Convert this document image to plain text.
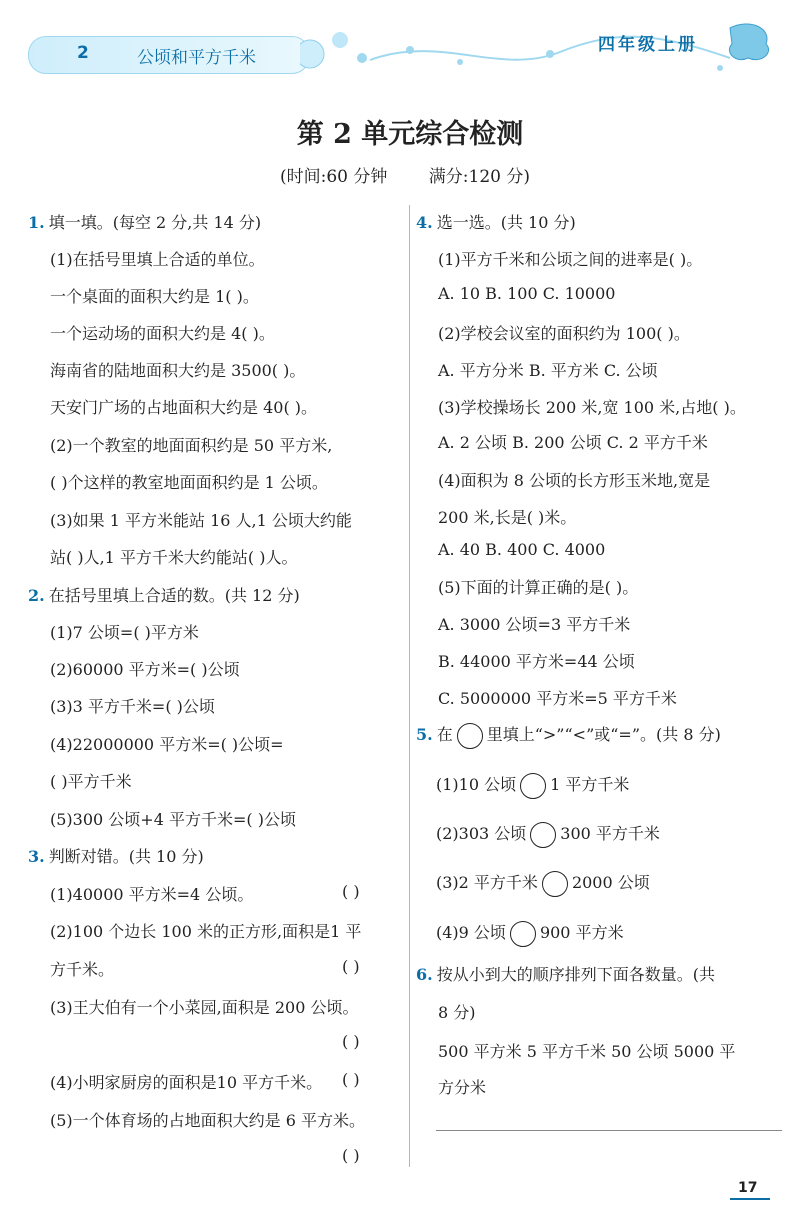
2	公顷和平方千米
四年级上册
第 2 单元综合检测
(时间:60 分钟 满分:120 分)
1. 填一填。(每空 2 分,共 14 分)
(1)在括号里填上合适的单位。
一个桌面的面积大约是 1( )。
一个运动场的面积大约是 4( )。
海南省的陆地面积大约是 3500( )。
天安门广场的占地面积大约是 40( )。
(2)一个教室的地面面积约是 50 平方米,
( )个这样的教室地面面积约是 1 公顷。
(3)如果 1 平方米能站 16 人,1 公顷大约能
站( )人,1 平方千米大约能站( )人。
2. 在括号里填上合适的数。(共 12 分)
(1)7 公顷=( )平方米
(2)60000 平方米=( )公顷
(3)3 平方千米=( )公顷
(4)22000000 平方米=( )公顷=
( )平方千米
(5)300 公顷+4 平方千米=( )公顷
3. 判断对错。(共 10 分)
(1)40000 平方米=4 公顷。
(2)100 个边长 100 米的正方形,面积是1 平
方千米。
(3)王大伯有一个小菜园,面积是 200 公顷。
(4)小明家厨房的面积是10 平方千米。
(5)一个体育场的占地面积大约是 6 平方米。
( )
( )
( )
( )
( )
4. 选一选。(共 10 分)
(1)平方千米和公顷之间的进率是( )。
A. 10 B. 100 C. 10000
(2)学校会议室的面积约为 100( )。
A. 平方分米 B. 平方米 C. 公顷
(3)学校操场长 200 米,宽 100 米,占地( )。
A. 2 公顷 B. 200 公顷 C. 2 平方千米
(4)面积为 8 公顷的长方形玉米地,宽是
200 米,长是( )米。
A. 40 B. 400 C. 4000
(5)下面的计算正确的是( )。
A. 3000 公顷=3 平方千米
B. 44000 平方米=44 公顷
C. 5000000 平方米=5 平方千米
500 平方米 5 平方千米 50 公顷 5000 平
方分米
5. 在 里填上“>”“<”或“=”。(共 8 分)
(1)10 公顷 1 平方千米
(2)303 公顷 300 平方千米
(3)2 平方千米 2000 公顷
(4)9 公顷 900 平方米
6. 按从小到大的顺序排列下面各数量。(共
8 分)
17
